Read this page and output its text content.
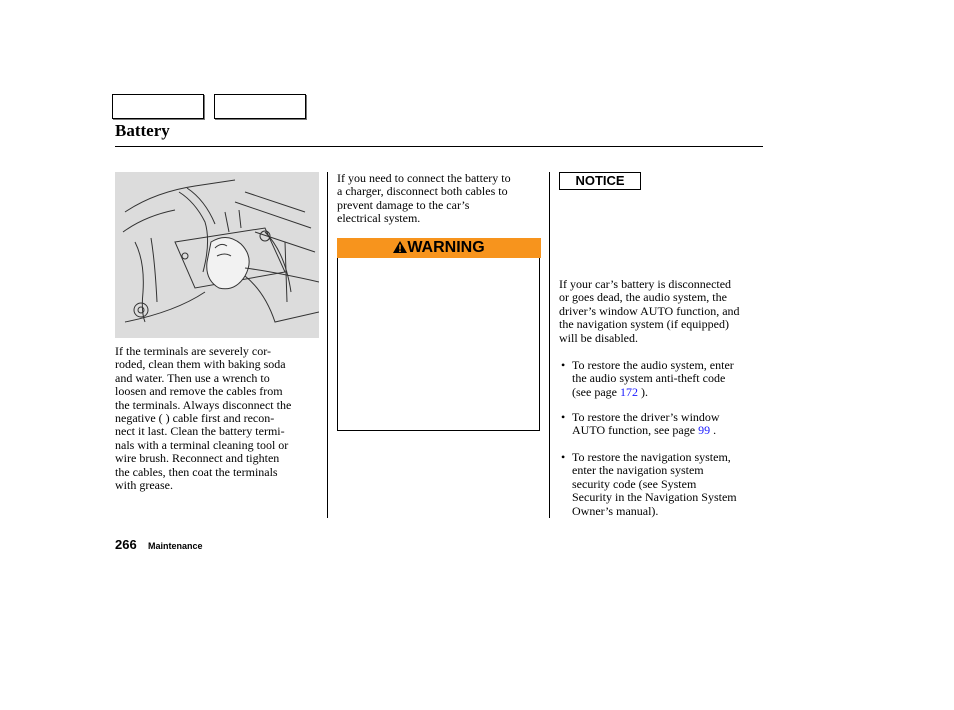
Battery
If the terminals are severely cor-
roded, clean them with baking soda
and water. Then use a wrench to
loosen and remove the cables from
the terminals. Always disconnect the
negative ( ) cable first and recon-
nect it last. Clean the battery termi-
nals with a terminal cleaning tool or
wire brush. Reconnect and tighten
the cables, then coat the terminals
with grease.
If you need to connect the battery to
a charger, disconnect both cables to
prevent damage to the car’s
electrical system.
WARNING
NOTICE
If your car’s battery is disconnected
or goes dead, the audio system, the
driver’s window AUTO function, and
the navigation system (if equipped)
will be disabled.
• To restore the audio system, enter
the audio system anti-theft code
(see page 172 ).
• To restore the driver’s window
AUTO function, see page 99 .
• To restore the navigation system,
enter the navigation system
security code (see System
Security in the Navigation System
Owner’s manual).
266 Maintenance
